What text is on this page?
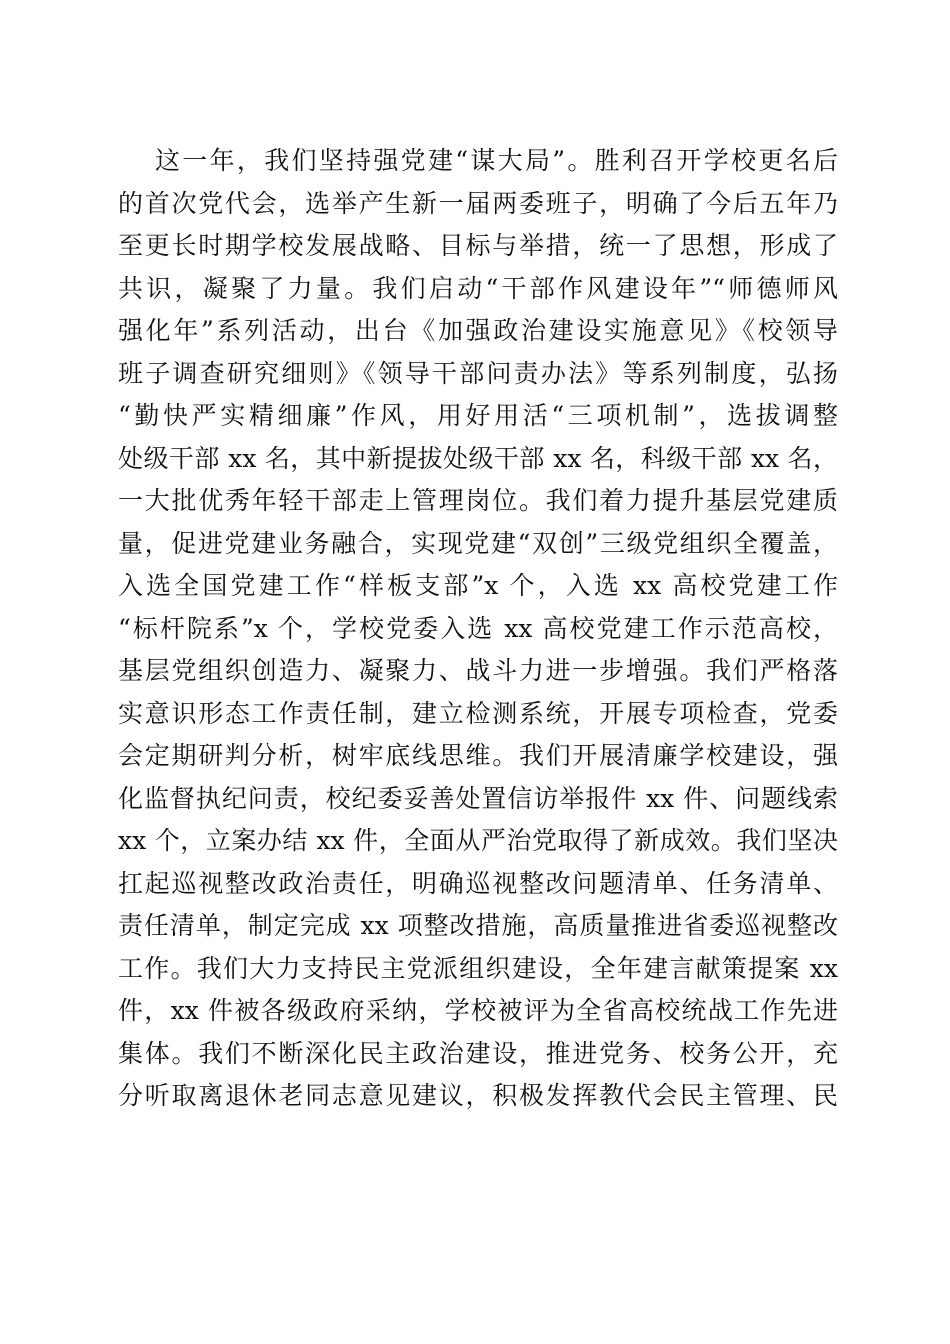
这一年，我们坚持强党建“谋大局”。胜利召开学校更名后
的首次党代会，选举产生新一届两委班子，明确了今后五年乃
至更长时期学校发展战略、目标与举措，统一了思想，形成了
共识，凝聚了力量。我们启动“干部作风建设年”“师德师风
强化年”系列活动，出台《加强政治建设实施意见》《校领导
班子调查研究细则》《领导干部问责办法》等系列制度，弘扬
“勤快严实精细廉”作风，用好用活“三项机制”，选拔调整
处级干部 xx 名，其中新提拔处级干部 xx 名，科级干部 xx 名，
一大批优秀年轻干部走上管理岗位。我们着力提升基层党建质
量，促进党建业务融合，实现党建“双创”三级党组织全覆盖，
入选全国党建工作“样板支部”x 个，入选 xx 高校党建工作
“标杆院系”x 个，学校党委入选 xx 高校党建工作示范高校，
基层党组织创造力、凝聚力、战斗力进一步增强。我们严格落
实意识形态工作责任制，建立检测系统，开展专项检查，党委
会定期研判分析，树牢底线思维。我们开展清廉学校建设，强
化监督执纪问责，校纪委妥善处置信访举报件 xx 件、问题线索
xx 个，立案办结 xx 件，全面从严治党取得了新成效。我们坚决
扛起巡视整改政治责任，明确巡视整改问题清单、任务清单、
责任清单，制定完成 xx 项整改措施，高质量推进省委巡视整改
工作。我们大力支持民主党派组织建设，全年建言献策提案 xx
件，xx 件被各级政府采纳，学校被评为全省高校统战工作先进
集体。我们不断深化民主政治建设，推进党务、校务公开，充
分听取离退休老同志意见建议，积极发挥教代会民主管理、民
